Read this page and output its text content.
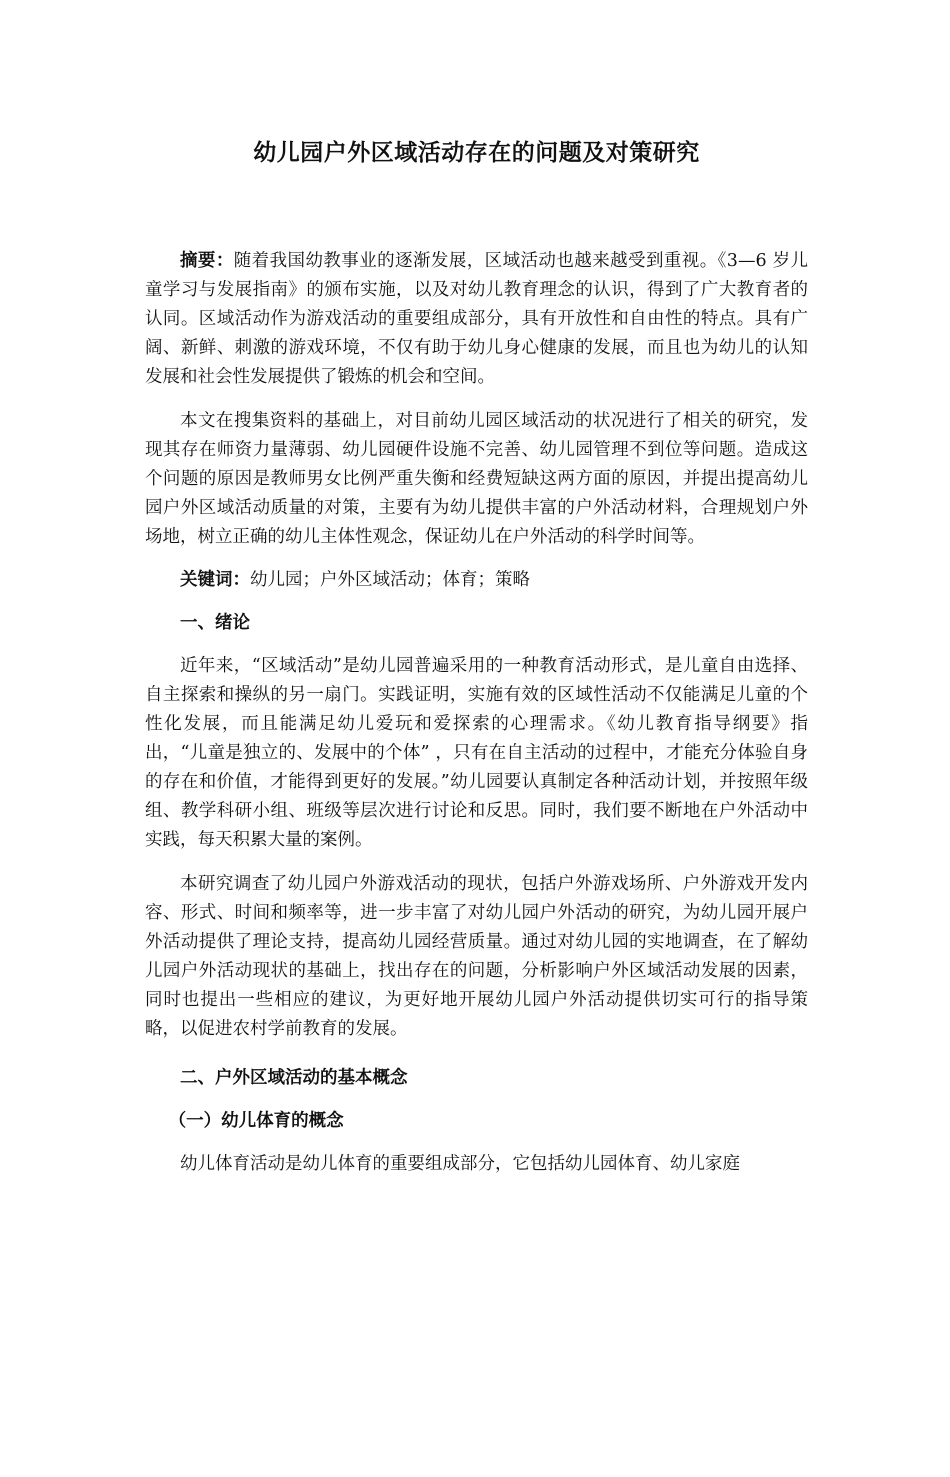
幼儿园户外区域活动存在的问题及对策研究

摘要：随着我国幼教事业的逐渐发展，区域活动也越来越受到重视。《3—6 岁儿童学习与发展指南》的颁布实施，以及对幼儿教育理念的认识，得到了广大教育者的认同。区域活动作为游戏活动的重要组成部分，具有开放性和自由性的特点。具有广阔、新鲜、刺激的游戏环境，不仅有助于幼儿身心健康的发展，而且也为幼儿的认知发展和社会性发展提供了锻炼的机会和空间。

本文在搜集资料的基础上，对目前幼儿园区域活动的状况进行了相关的研究，发现其存在师资力量薄弱、幼儿园硬件设施不完善、幼儿园管理不到位等问题。造成这个问题的原因是教师男女比例严重失衡和经费短缺这两方面的原因，并提出提高幼儿园户外区域活动质量的对策，主要有为幼儿提供丰富的户外活动材料，合理规划户外场地，树立正确的幼儿主体性观念，保证幼儿在户外活动的科学时间等。

关键词：幼儿园；户外区域活动；体育；策略

一、绪论

近年来，“区域活动”是幼儿园普遍采用的一种教育活动形式，是儿童自由选择、自主探索和操纵的另一扇门。实践证明，实施有效的区域性活动不仅能满足儿童的个性化发展，而且能满足幼儿爱玩和爱探索的心理需求。《幼儿教育指导纲要》指出，“儿童是独立的、发展中的个体” ，只有在自主活动的过程中，才能充分体验自身的存在和价值，才能得到更好的发展。”幼儿园要认真制定各种活动计划，并按照年级组、教学科研小组、班级等层次进行讨论和反思。同时，我们要不断地在户外活动中实践，每天积累大量的案例。

本研究调查了幼儿园户外游戏活动的现状，包括户外游戏场所、户外游戏开发内容、形式、时间和频率等，进一步丰富了对幼儿园户外活动的研究，为幼儿园开展户外活动提供了理论支持，提高幼儿园经营质量。通过对幼儿园的实地调查，在了解幼儿园户外活动现状的基础上，找出存在的问题，分析影响户外区域活动发展的因素，同时也提出一些相应的建议，为更好地开展幼儿园户外活动提供切实可行的指导策略，以促进农村学前教育的发展。

二、户外区域活动的基本概念
（一）幼儿体育的概念

幼儿体育活动是幼儿体育的重要组成部分，它包括幼儿园体育、幼儿家庭
